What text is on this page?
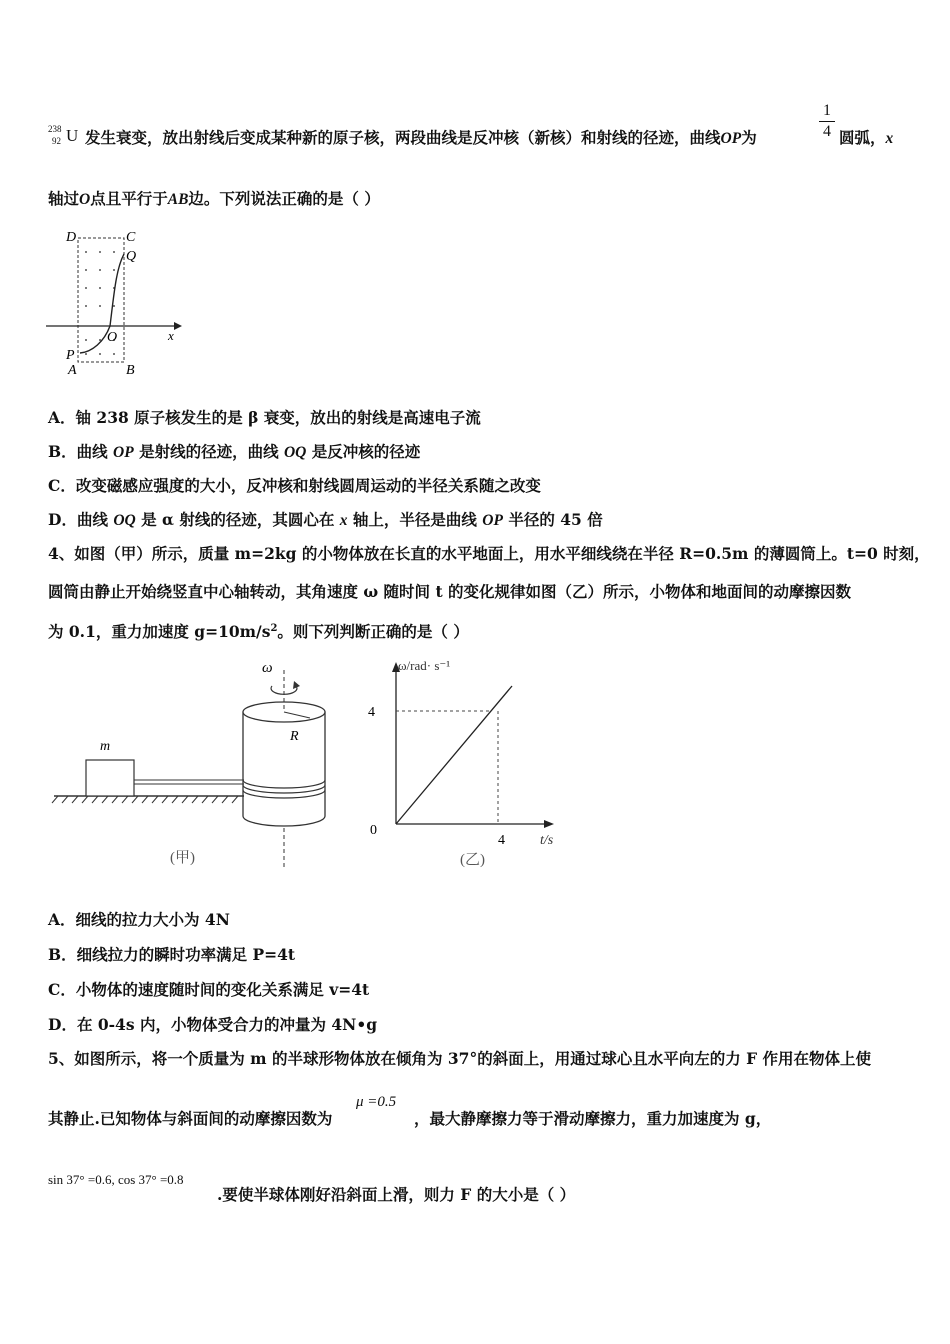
238
92 U 发生衰变，放出射线后变成某种新的原子核，两段曲线是反冲核（新核）和射线的径迹，曲线OP为
1
4 圆弧，x
轴过O点且平行于AB边。下列说法正确的是（ ）
D	C
Q
O	x
P
A	B
A．铀 238 原子核发生的是 β 衰变，放出的射线是高速电子流
B．曲线 OP 是射线的径迹，曲线 OQ 是反冲核的径迹
C．改变磁感应强度的大小，反冲核和射线圆周运动的半径关系随之改变
D．曲线 OQ 是 α 射线的径迹，其圆心在 x 轴上，半径是曲线 OP 半径的 45 倍
4、如图（甲）所示，质量 m=2kg 的小物体放在长直的水平地面上，用水平细线绕在半径 R=0.5m 的薄圆筒上。t=0 时刻，
圆筒由静止开始绕竖直中心轴转动，其角速度 ω 随时间 t 的变化规律如图（乙）所示，小物体和地面间的动摩擦因数
为 0.1，重力加速度 $g=10m/s^2$。则下列判断正确的是（ ）
m
ω
R
(甲)
ω/rad· s⁻¹
4
0
4	t/s
(乙)
A．细线的拉力大小为 4N
B．细线拉力的瞬时功率满足 P=4t
C．小物体的速度随时间的变化关系满足 v=4t
D．在 0-4s 内，小物体受合力的冲量为 4N•g
5、如图所示，将一个质量为 m 的半球形物体放在倾角为 37°的斜面上，用通过球心且水平向左的力 F 作用在物体上使
其静止.已知物体与斜面间的动摩擦因数为
μ =0.5
，最大静摩擦力等于滑动摩擦力，重力加速度为 g，
sin 37° =0.6, cos 37° =0.8
.要使半球体刚好沿斜面上滑，则力 F 的大小是（ ）
